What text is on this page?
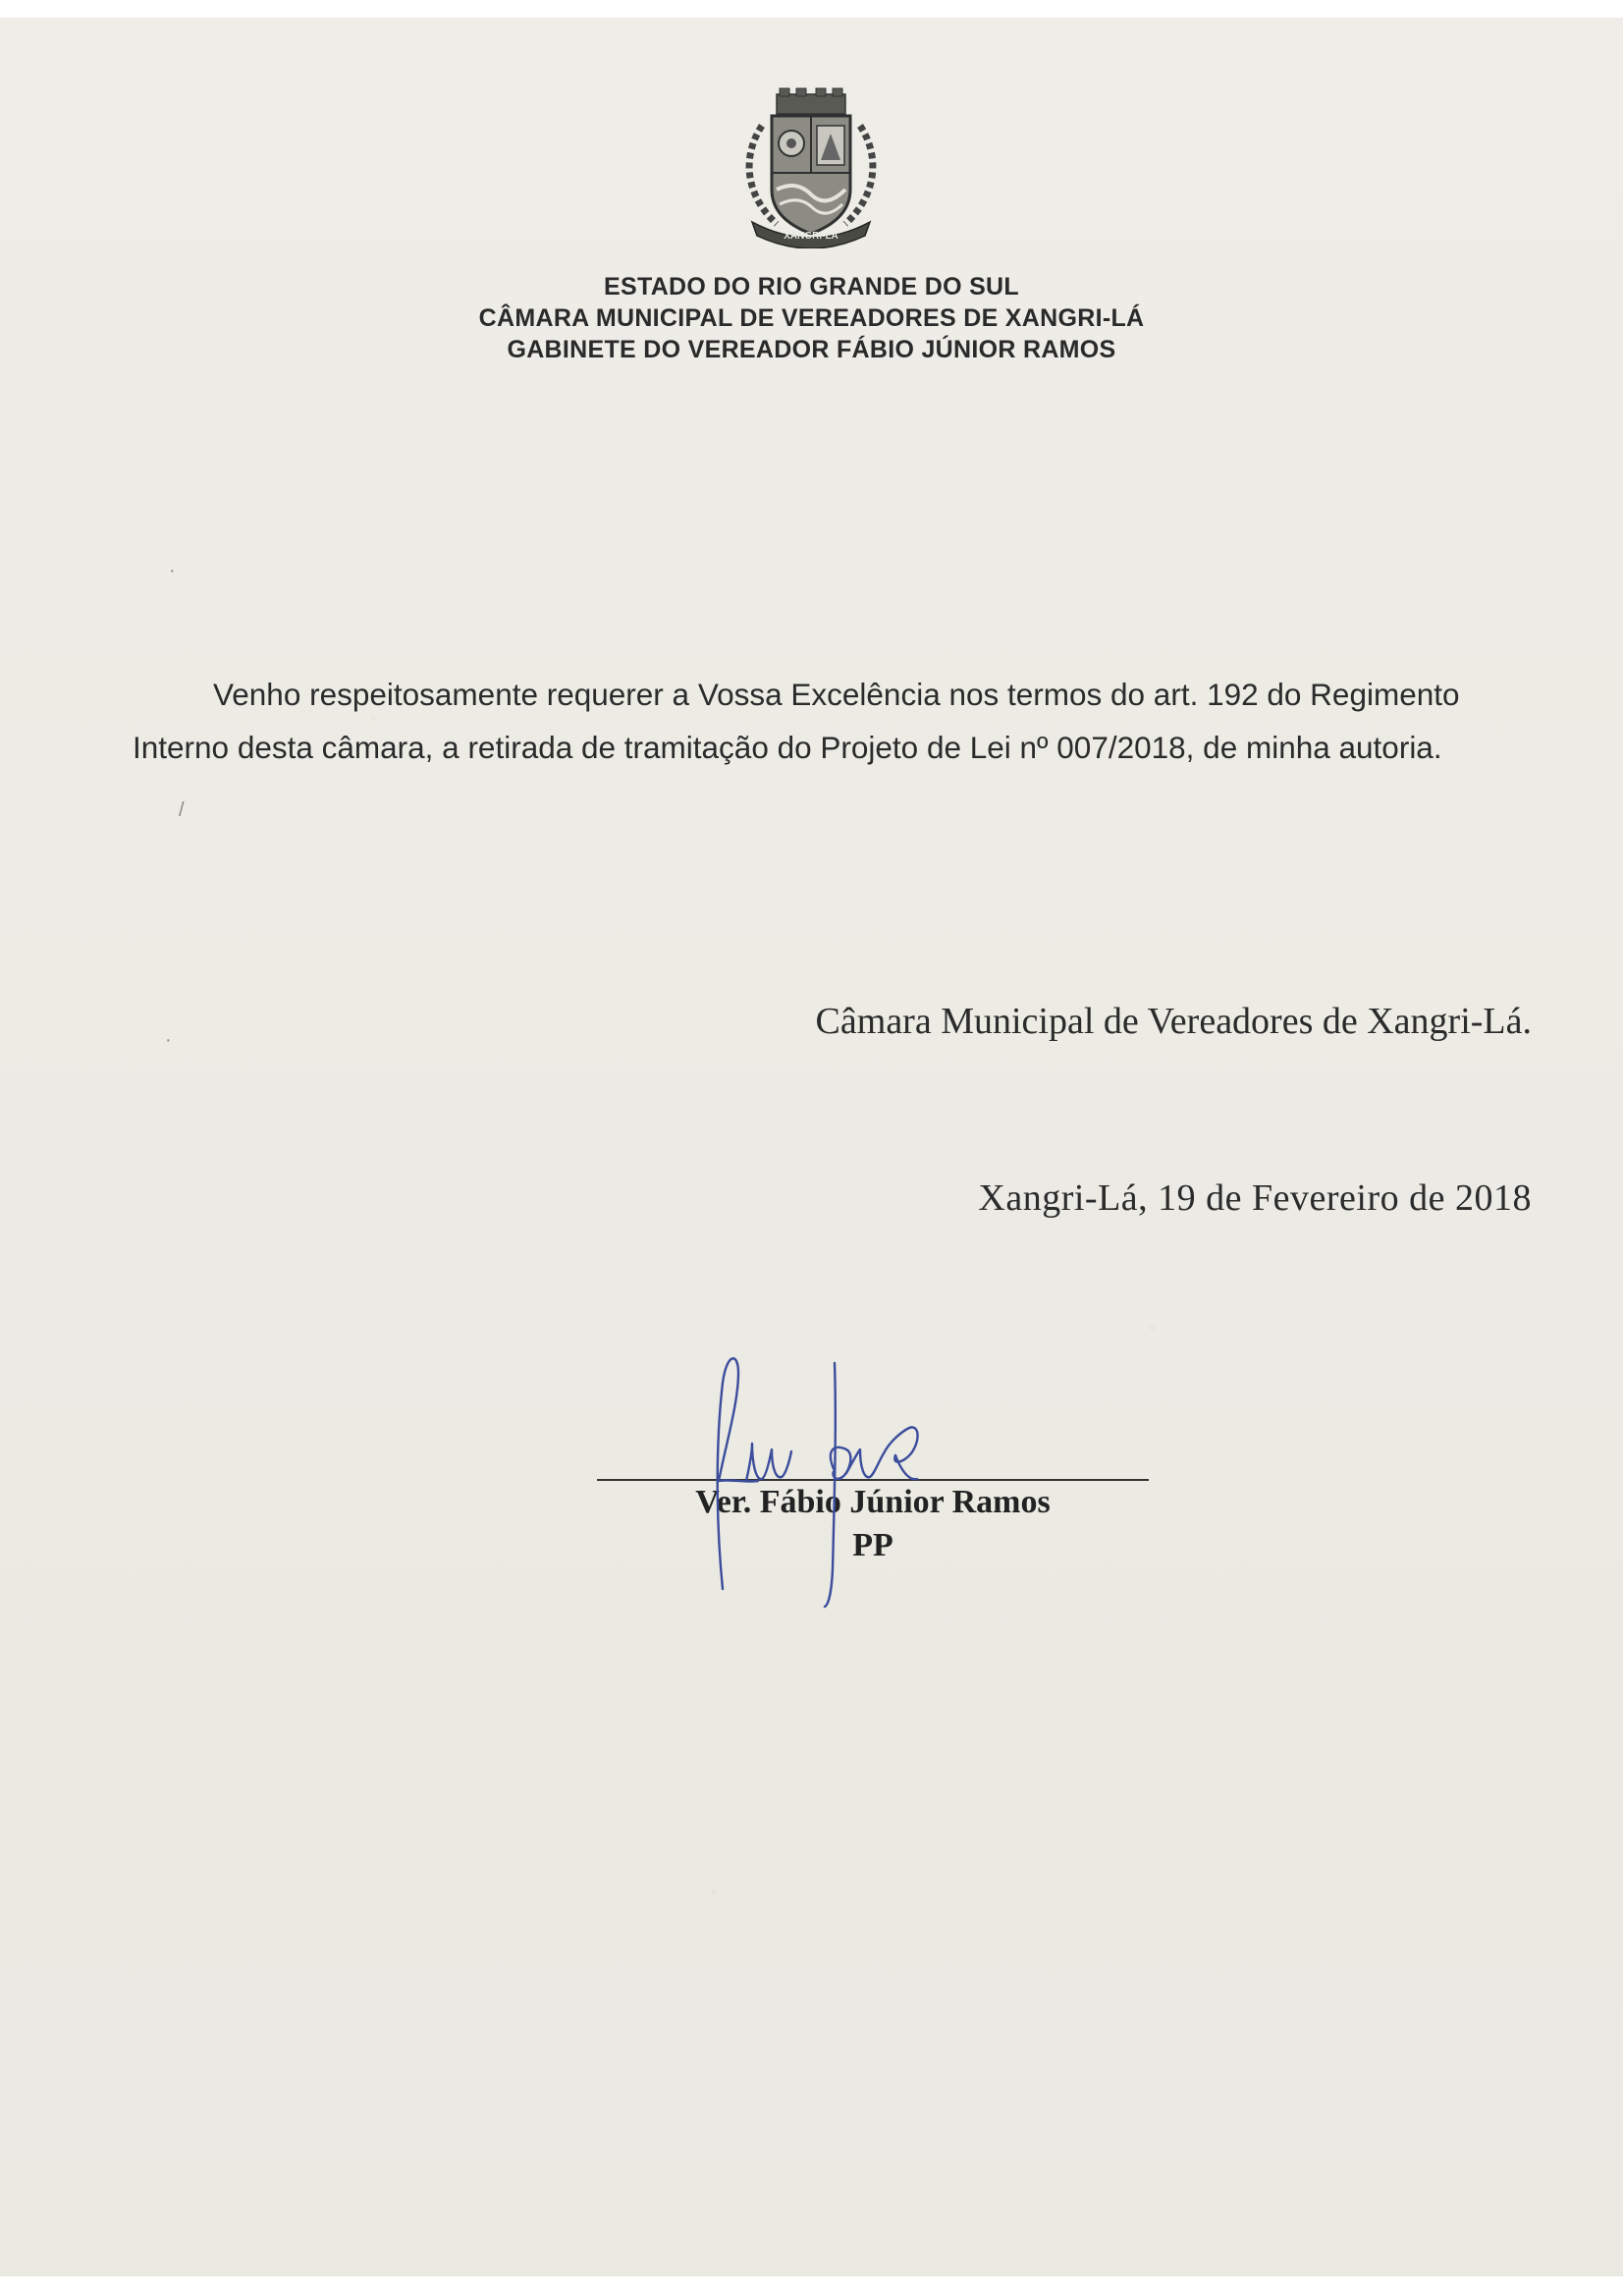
XANGRI-LÁ
ESTADO DO RIO GRANDE DO SUL
CÂMARA MUNICIPAL DE VEREADORES DE XANGRI-LÁ
GABINETE DO VEREADOR FÁBIO JÚNIOR RAMOS
Venho respeitosamente requerer a Vossa Excelência nos termos do art. 192 do Regimento
Interno desta câmara, a retirada de tramitação do Projeto de Lei nº 007/2018, de minha autoria.
Câmara Municipal de Vereadores de Xangri-Lá.
Xangri-Lá, 19 de Fevereiro de 2018
Ver. Fábio Júnior Ramos
PP
·
/
·
